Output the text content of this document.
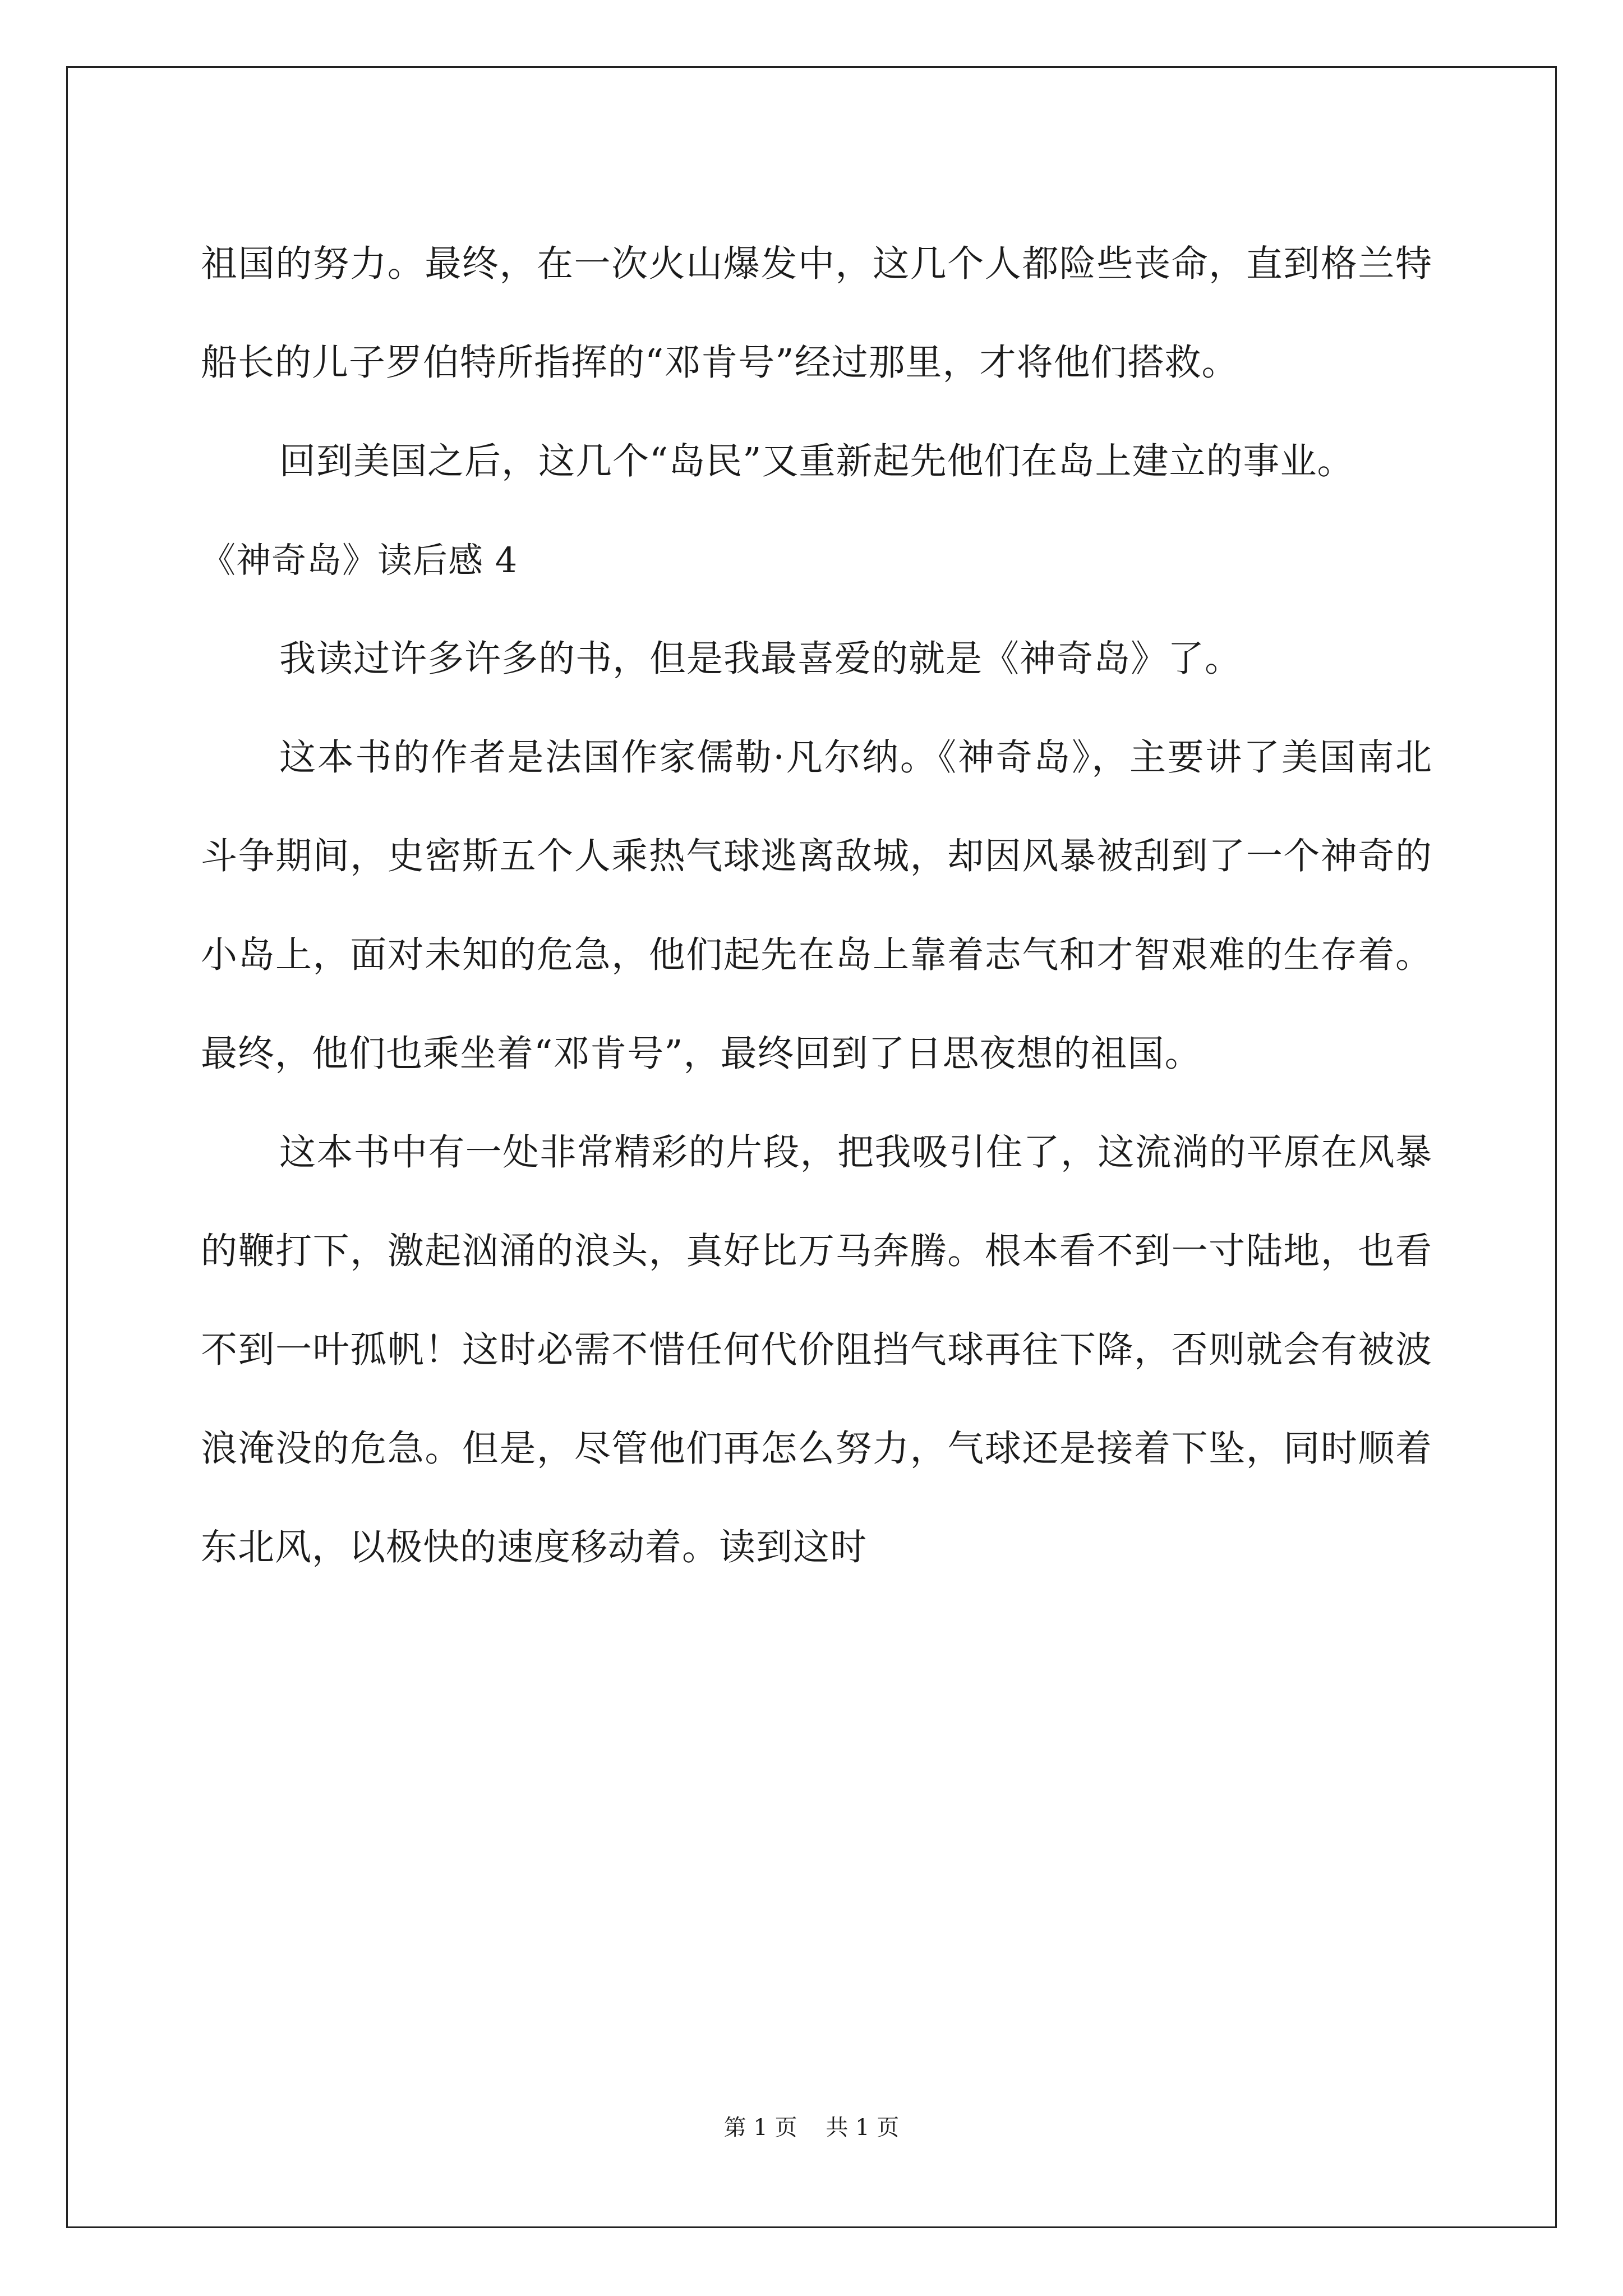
祖国的努力。最终，在一次火山爆发中，这几个人都险些丧命，直到格兰特船长的儿子罗伯特所指挥的“邓肯号”经过那里，才将他们搭救。

回到美国之后，这几个“岛民”又重新起先他们在岛上建立的事业。

《神奇岛》读后感 4

我读过许多许多的书，但是我最喜爱的就是《神奇岛》了。

这本书的作者是法国作家儒勒·凡尔纳。《神奇岛》，主要讲了美国南北斗争期间，史密斯五个人乘热气球逃离敌城，却因风暴被刮到了一个神奇的小岛上，面对未知的危急，他们起先在岛上靠着志气和才智艰难的生存着。最终，他们也乘坐着“邓肯号”，最终回到了日思夜想的祖国。

这本书中有一处非常精彩的片段，把我吸引住了，这流淌的平原在风暴的鞭打下，激起汹涌的浪头，真好比万马奔腾。根本看不到一寸陆地，也看不到一叶孤帆！这时必需不惜任何代价阻挡气球再往下降，否则就会有被波浪淹没的危急。但是，尽管他们再怎么努力，气球还是接着下坠，同时顺着东北风，以极快的速度移动着。读到这时

第 1 页 共 1 页
